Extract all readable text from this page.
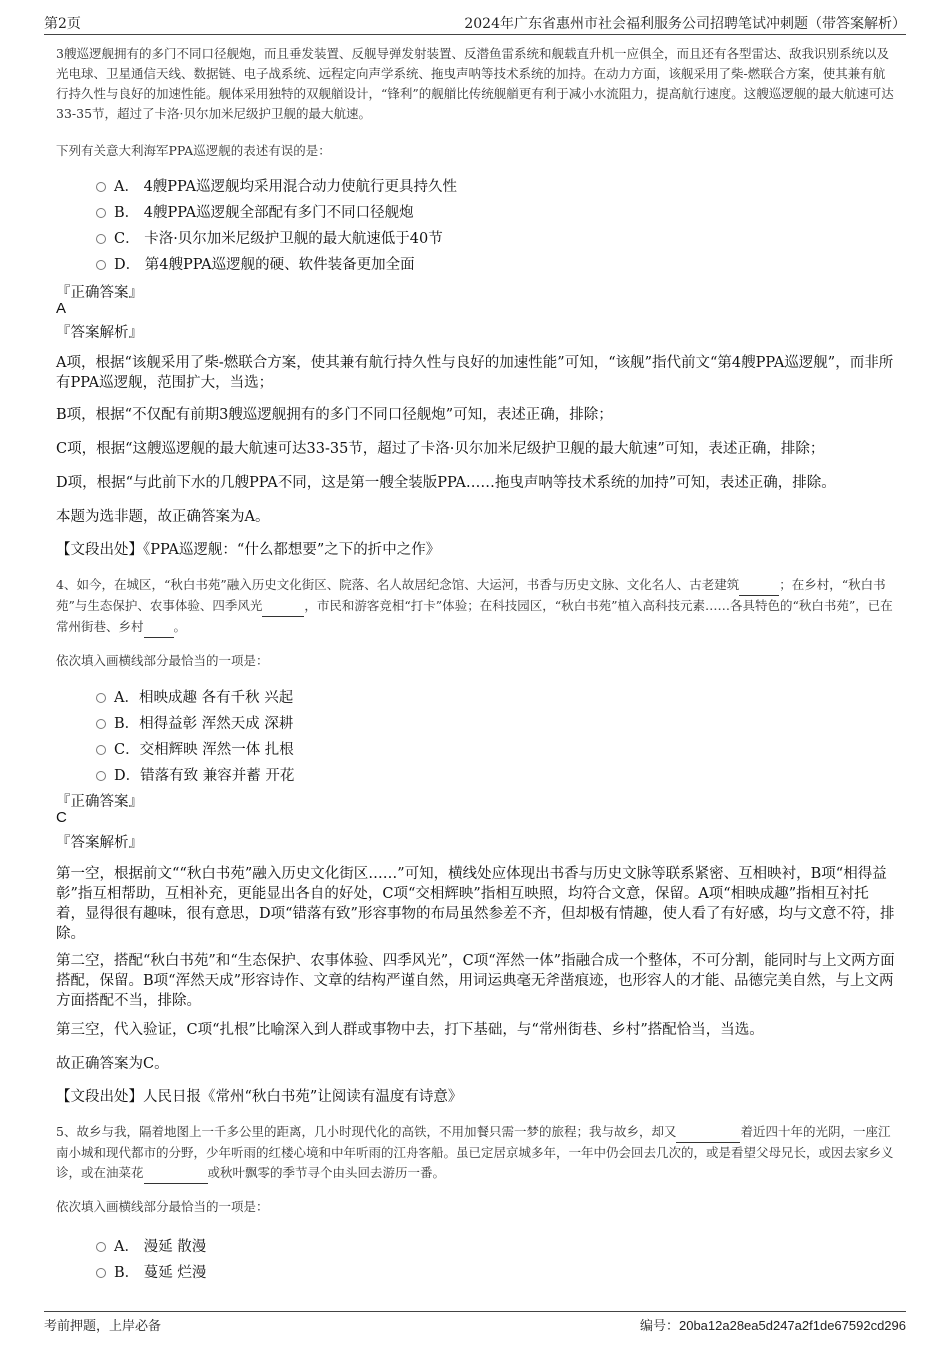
第2页	2024年广东省惠州市社会福利服务公司招聘笔试冲刺题（带答案解析）
3艘巡逻舰拥有的多门不同口径舰炮，而且垂发装置、反舰导弹发射装置、反潜鱼雷系统和舰载直升机一应俱全，而且还有各型雷达、敌我识别系统以及光电球、卫星通信天线、数据链、电子战系统、远程定向声学系统、拖曳声呐等技术系统的加持。在动力方面，该舰采用了柴-燃联合方案，使其兼有航行持久性与良好的加速性能。舰体采用独特的双舰艏设计，“锋利”的舰艏比传统舰艏更有利于减小水流阻力，提高航行速度。这艘巡逻舰的最大航速可达33-35节，超过了卡洛·贝尔加米尼级护卫舰的最大航速。
下列有关意大利海军PPA巡逻舰的表述有误的是：
A． 4艘PPA巡逻舰均采用混合动力使航行更具持久性
B． 4艘PPA巡逻舰全部配有多门不同口径舰炮
C． 卡洛·贝尔加米尼级护卫舰的最大航速低于40节
D． 第4艘PPA巡逻舰的硬、软件装备更加全面
『正确答案』
A
『答案解析』
A项，根据“该舰采用了柴-燃联合方案，使其兼有航行持久性与良好的加速性能”可知，“该舰”指代前文“第4艘PPA巡逻舰”，而非所有PPA巡逻舰，范围扩大，当选；
B项，根据“不仅配有前期3艘巡逻舰拥有的多门不同口径舰炮”可知，表述正确，排除；
C项，根据“这艘巡逻舰的最大航速可达33-35节，超过了卡洛·贝尔加米尼级护卫舰的最大航速”可知，表述正确，排除；
D项，根据“与此前下水的几艘PPA不同，这是第一艘全装版PPA……拖曳声呐等技术系统的加持”可知，表述正确，排除。
本题为选非题，故正确答案为A。
【文段出处】《PPA巡逻舰：“什么都想要”之下的折中之作》
4、如今，在城区，“秋白书苑”融入历史文化街区、院落、名人故居纪念馆、大运河，书香与历史文脉、文化名人、古老建筑	；在乡村，“秋白书苑”与生态保护、农事体验、四季风光	，市民和游客竞相“打卡”体验；在科技园区，“秋白书苑”植入高科技元素……各具特色的“秋白书苑”，已在常州街巷、乡村 。
依次填入画横线部分最恰当的一项是：
A．相映成趣 各有千秋 兴起
B．相得益彰 浑然天成 深耕
C．交相辉映 浑然一体 扎根
D．错落有致 兼容并蓄 开花
『正确答案』
C
『答案解析』
第一空，根据前文““秋白书苑”融入历史文化街区……”可知，横线处应体现出书香与历史文脉等联系紧密、互相映衬，B项“相得益彰”指互相帮助，互相补充，更能显出各自的好处，C项“交相辉映”指相互映照，均符合文意，保留。A项“相映成趣”指相互衬托着，显得很有趣味，很有意思，D项“错落有致”形容事物的布局虽然参差不齐，但却极有情趣，使人看了有好感，均与文意不符，排除。
第二空，搭配“秋白书苑”和“生态保护、农事体验、四季风光”，C项“浑然一体”指融合成一个整体，不可分割，能同时与上文两方面搭配，保留。B项“浑然天成”形容诗作、文章的结构严谨自然，用词运典毫无斧凿痕迹，也形容人的才能、品德完美自然，与上文两方面搭配不当，排除。
第三空，代入验证，C项“扎根”比喻深入到人群或事物中去，打下基础，与“常州街巷、乡村”搭配恰当，当选。
故正确答案为C。
【文段出处】人民日报《常州“秋白书苑”让阅读有温度有诗意》
5、故乡与我，隔着地图上一千多公里的距离，几小时现代化的高铁，不用加餐只需一梦的旅程；我与故乡，却又	着近四十年的光阴，一座江南小城和现代都市的分野，少年听雨的红楼心境和中年听雨的江舟客船。虽已定居京城多年，一年中仍会回去几次的，或是看望父母兄长，或因去家乡义诊，或在油菜花	或秋叶飘零的季节寻个由头回去游历一番。
依次填入画横线部分最恰当的一项是：
A． 漫延 散漫
B． 蔓延 烂漫
考前押题，上岸必备	编号：20ba12a28ea5d247a2f1de67592cd296
